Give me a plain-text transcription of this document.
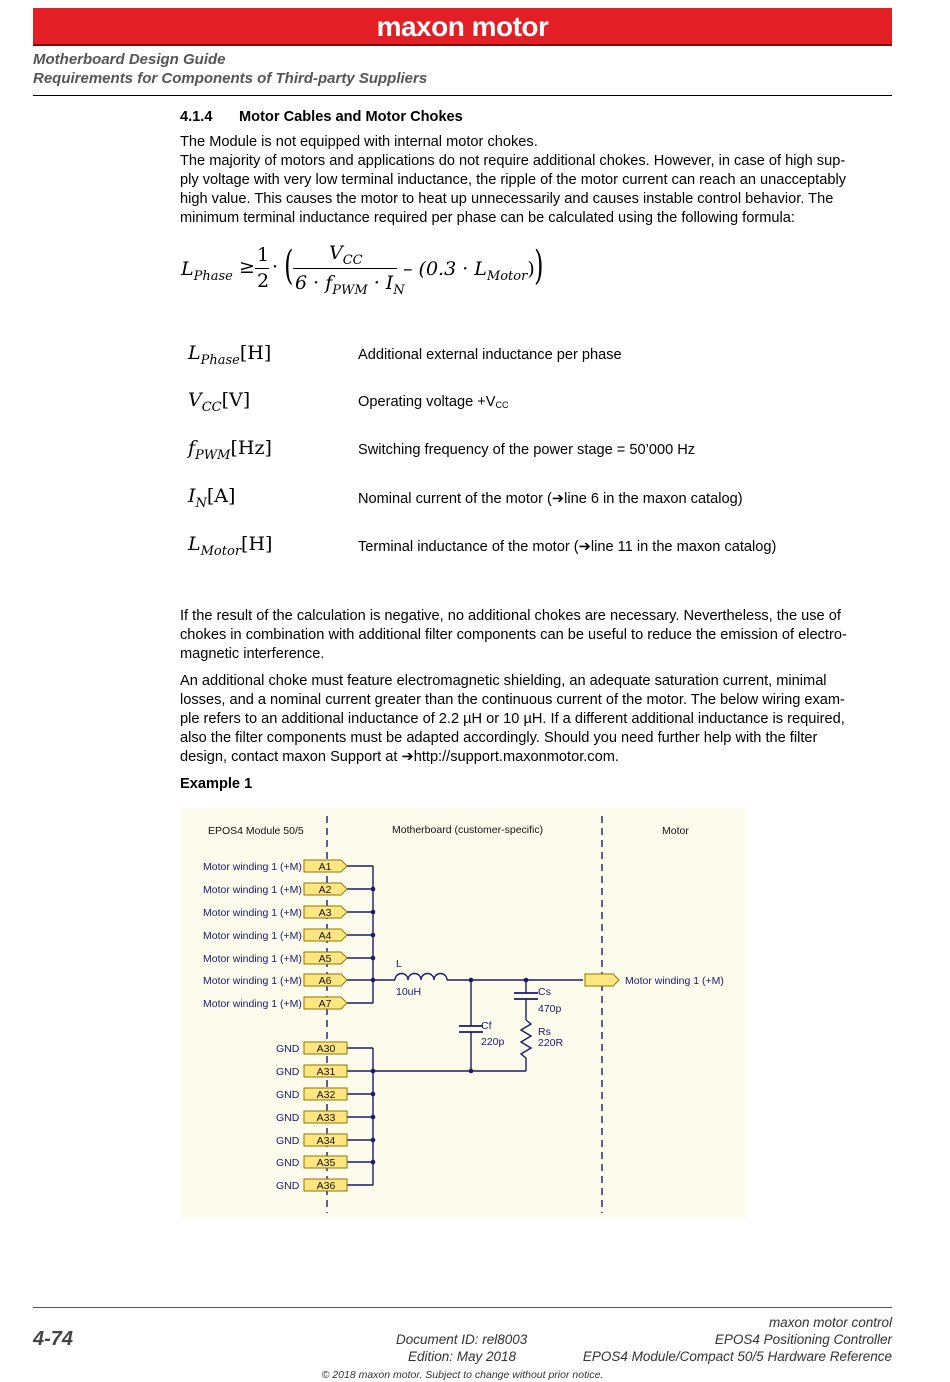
maxon motor
Motherboard Design Guide
Requirements for Components of Third-party Suppliers
4.1.4 Motor Cables and Motor Chokes
The Module is not equipped with internal motor chokes.
The majority of motors and applications do not require additional chokes. However, in case of high sup-
ply voltage with very low terminal inductance, the ripple of the motor current can reach an unacceptably
high value. This causes the motor to heat up unnecessarily and causes instable control behavior. The
minimum terminal inductance required per phase can be calculated using the following formula:
$L_{Phase}$ ≥
1
2
· ( $V_{CC}$
$6 \cdot f_{PWM} \cdot I_N$
– $(0.3 \cdot L_{Motor})$ )
$L_{Phase}[H]$	Additional external inductance per phase
$V_{CC}[V]$	Operating voltage $+V_{CC}$
$f_{PWM}[Hz]$	Switching frequency of the power stage = 50’000 Hz
$I_N[A]$	Nominal current of the motor (➔line 6 in the maxon catalog)
$L_{Motor}[H]$	Terminal inductance of the motor (➔line 11 in the maxon catalog)
If the result of the calculation is negative, no additional chokes are necessary. Nevertheless, the use of
chokes in combination with additional filter components can be useful to reduce the emission of electro-
magnetic interference.
An additional choke must feature electromagnetic shielding, an adequate saturation current, minimal
losses, and a nominal current greater than the continuous current of the motor. The below wiring exam-
ple refers to an additional inductance of 2.2 µH or 10 µH. If a different additional inductance is required,
also the filter components must be adapted accordingly. Should you need further help with the filter
design, contact maxon Support at ➔http://support.maxonmotor.com.
Example 1
EPOS4 Module 50/5	Motherboard (customer-specific)	Motor
Motor winding 1 (+M)
Motor winding 1 (+M)
Motor winding 1 (+M)
Motor winding 1 (+M)
Motor winding 1 (+M)
Motor winding 1 (+M)
Motor winding 1 (+M)
A1
A2
A3
A4
A5
A6
A7
GND
GND
GND
GND
GND
GND
GND
A30
A31
A32
A33
A34
A35
A36
L
10uH
Cf
220p
Cs
470p
Rs
220R
Motor winding 1 (+M)
4-74	Document ID: rel8003
Edition: May 2018
maxon motor control
EPOS4 Positioning Controller
EPOS4 Module/Compact 50/5 Hardware Reference
© 2018 maxon motor. Subject to change without prior notice.
